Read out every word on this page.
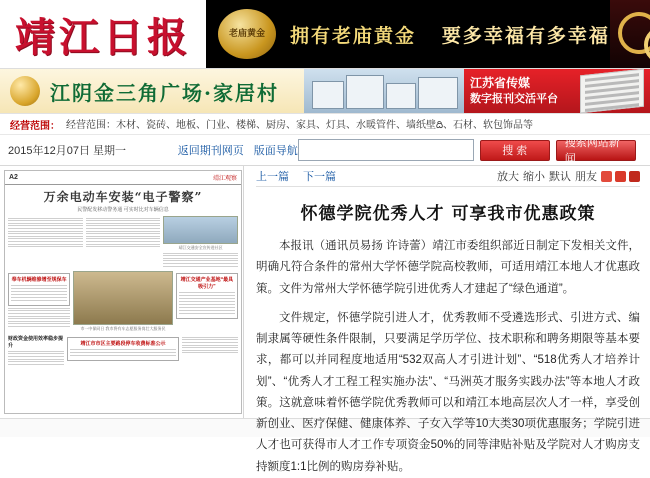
靖江日报	老庙黄金	拥有老庙黄金 要多幸福有多幸福
江阴金三角广场·家居村	江苏省传媒
数字报刊交活平台
经营范围： 经营范围：木材、瓷砖、地板、门业、楼梯、厨房、家具、灯具、水暖管件、墙纸壁ది、石材、软包饰品等
2015年12月07日 星期一	返回期刊网页 版面导航	搜 索
搜索网站新闻
A2	靖江观察
万余电动车安装“电子警察”
民警配发移动警务通 可实时比对车辆信息
靖江交通安全宣传进社区
奉车机辆维修增至规保车
市一中保同日 我市将有车志愿服务岗壮大服务民
靖江交通产业基地“最具吸引力”
财政资金使用效率稳步提升	靖江市市区主要路段停车收费标准公示
上一篇 下一篇	放大 缩小 默认 朋友
怀德学院优秀人才 可享我市优惠政策

本报讯（通讯员易扬 许诗蕾）靖江市委组织部近日制定下发相关文件，明确凡符合条件的常州大学怀德学院高校教师，可适用靖江本地人才优惠政策。文件为常州大学怀德学院引进优秀人才建起了“绿色通道”。

文件规定，怀德学院引进人才，优秀教师不受遴选形式、引进方式、编制隶属等硬性条件限制，只要满足学历学位、技术职称和聘务期限等基本要求，都可以并同程度地适用“532双高人才引进计划”、“518优秀人才培养计划”、“优秀人才工程工程实施办法”、“马洲英才服务实践办法”等本地人才政策。这就意味着怀德学院优秀教师可以和靖江本地高层次人才一样，享受创新创业、医疗保健、健康体养、子女入学等10大类30项优惠服务；学院引进人才也可获得市人才工作专项资金50%的同等津贴补贴及学院对人才购房支持额度1:1比例的购房券补贴。
